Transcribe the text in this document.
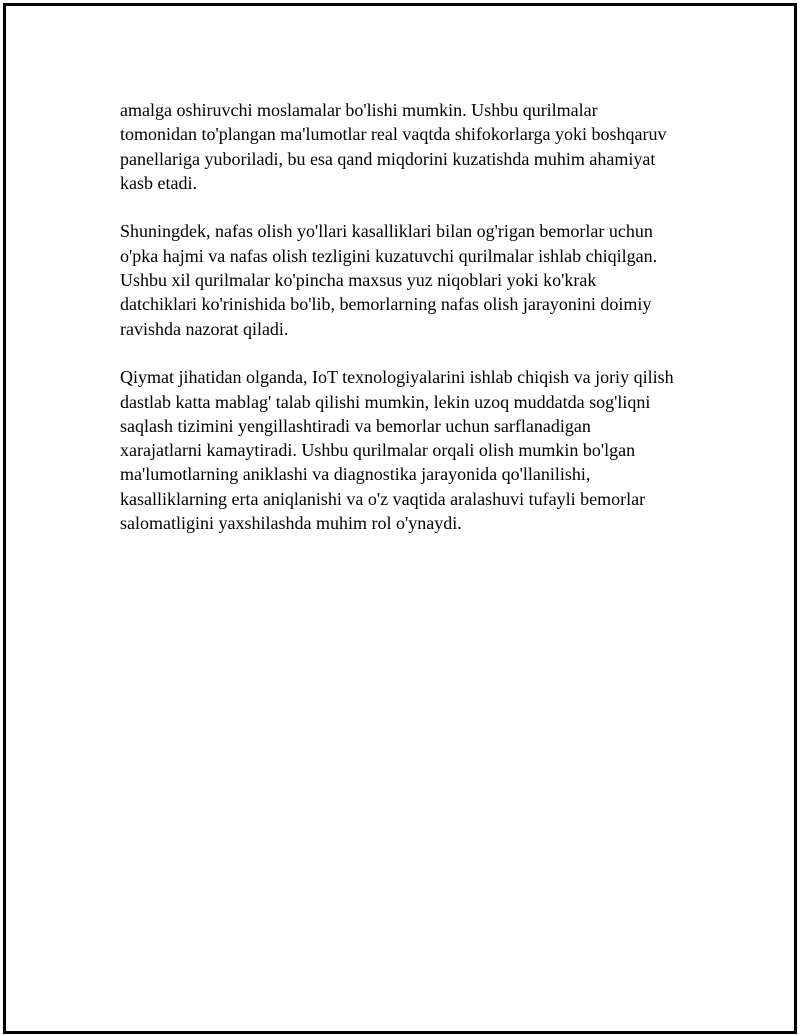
amalga oshiruvchi moslamalar bo'lishi mumkin. Ushbu qurilmalar
tomonidan to'plangan ma'lumotlar real vaqtda shifokorlarga yoki boshqaruv
panellariga yuboriladi, bu esa qand miqdorini kuzatishda muhim ahamiyat
kasb etadi.

Shuningdek, nafas olish yo'llari kasalliklari bilan og'rigan bemorlar uchun
o'pka hajmi va nafas olish tezligini kuzatuvchi qurilmalar ishlab chiqilgan.
Ushbu xil qurilmalar ko'pincha maxsus yuz niqoblari yoki ko'krak
datchiklari ko'rinishida bo'lib, bemorlarning nafas olish jarayonini doimiy
ravishda nazorat qiladi.

Qiymat jihatidan olganda, IoT texnologiyalarini ishlab chiqish va joriy qilish
dastlab katta mablag' talab qilishi mumkin, lekin uzoq muddatda sog'liqni
saqlash tizimini yengillashtiradi va bemorlar uchun sarflanadigan
xarajatlarni kamaytiradi. Ushbu qurilmalar orqali olish mumkin bo'lgan
ma'lumotlarning aniklashi va diagnostika jarayonida qo'llanilishi,
kasalliklarning erta aniqlanishi va o'z vaqtida aralashuvi tufayli bemorlar
salomatligini yaxshilashda muhim rol o'ynaydi.
